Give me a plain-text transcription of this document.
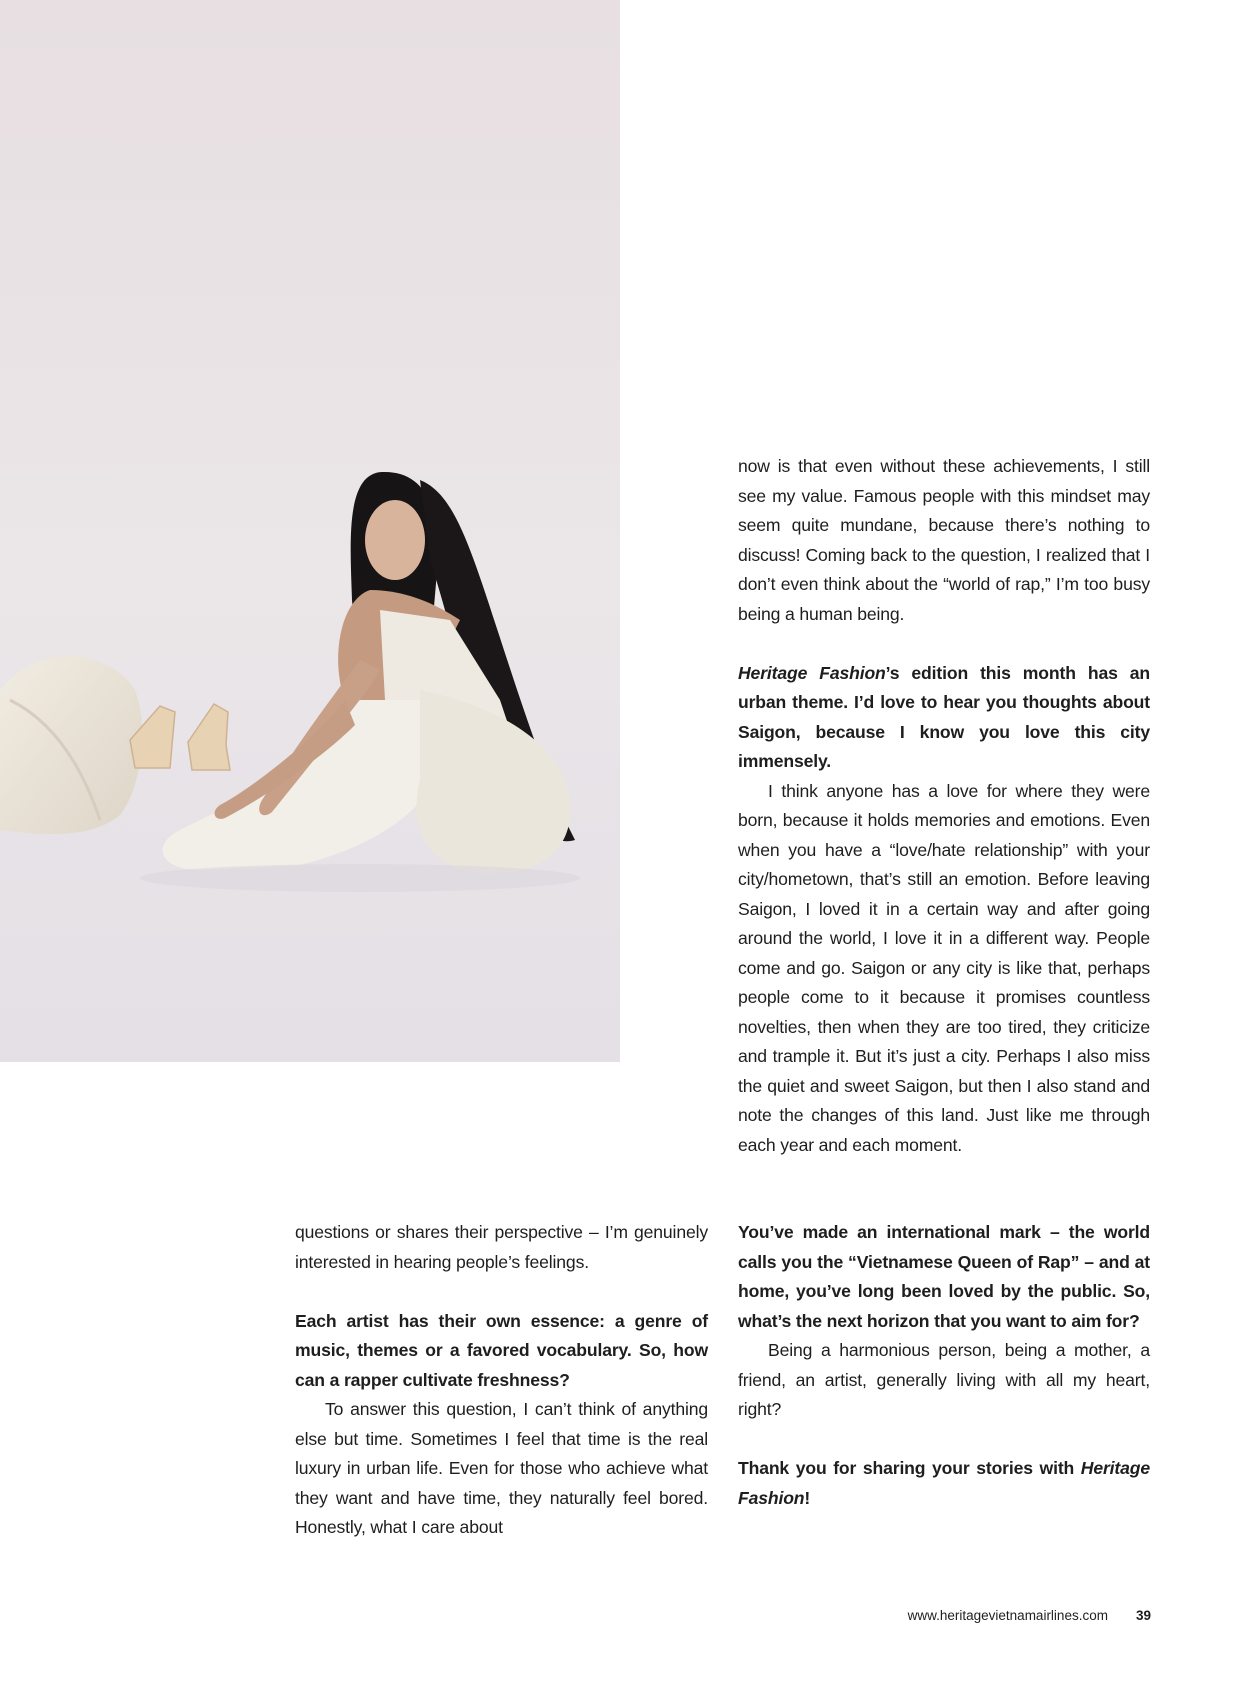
now is that even without these achievements, I still see my value. Famous people with this mindset may seem quite mundane, because there’s nothing to discuss! Coming back to the question, I realized that I don’t even think about the “world of rap,” I’m too busy being a human being.

Heritage Fashion’s edition this month has an urban theme. I’d love to hear you thoughts about Saigon, because I know you love this city immensely.

I think anyone has a love for where they were born, because it holds memories and emotions. Even when you have a “love/hate relationship” with your city/hometown, that’s still an emotion. Before leaving Saigon, I loved it in a certain way and after going around the world, I love it in a different way. People come and go. Saigon or any city is like that, perhaps people come to it because it promises countless novelties, then when they are too tired, they criticize and trample it. But it’s just a city. Perhaps I also miss the quiet and sweet Saigon, but then I also stand and note the changes of this land. Just like me through each year and each moment.

questions or shares their perspective – I’m genuinely interested in hearing people’s feelings.

Each artist has their own essence: a genre of music, themes or a favored vocabulary. So, how can a rapper cultivate freshness?

To answer this question, I can’t think of anything else but time. Sometimes I feel that time is the real luxury in urban life. Even for those who achieve what they want and have time, they naturally feel bored. Honestly, what I care about

You’ve made an international mark – the world calls you the “Vietnamese Queen of Rap” – and at home, you’ve long been loved by the public. So, what’s the next horizon that you want to aim for?

Being a harmonious person, being a mother, a friend, an artist, generally living with all my heart, right?

Thank you for sharing your stories with Heritage Fashion!

www.heritagevietnamairlines.com 39
